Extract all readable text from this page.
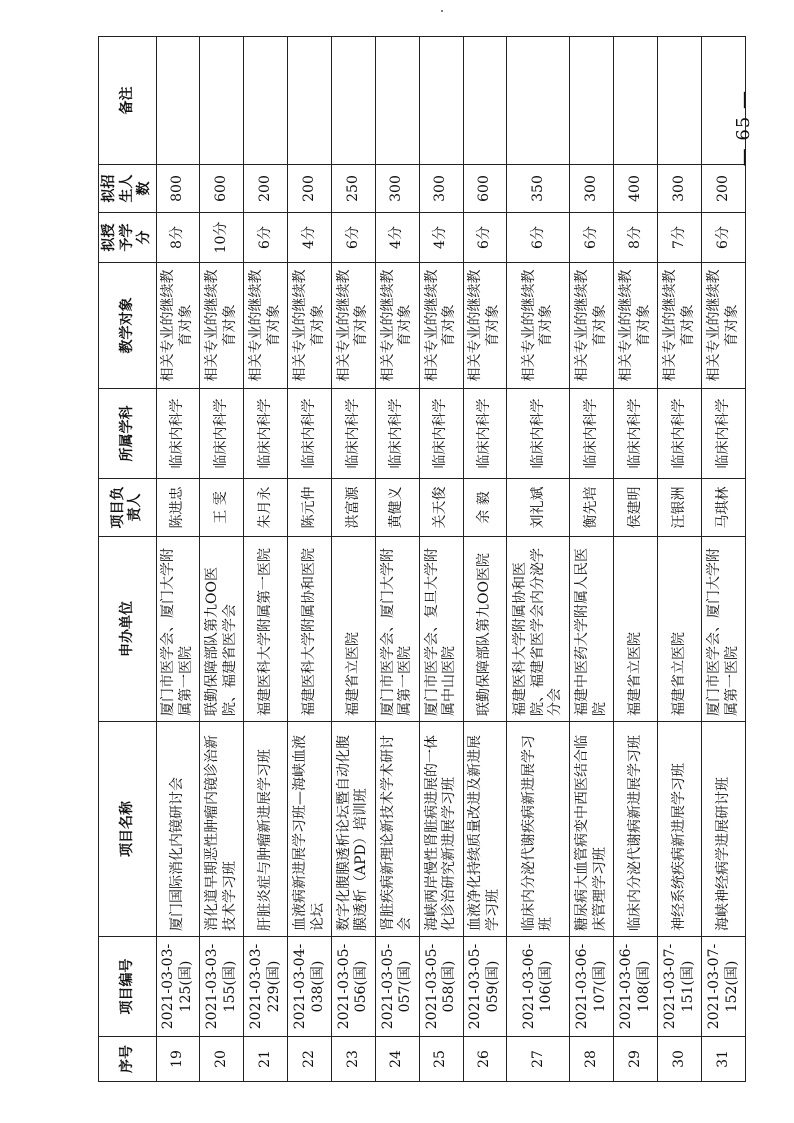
序号	项目编号	项目名称	申办单位	项目负责人	所属学科	教学对象	拟授予学分	拟招生人数	备注
19	2021-03-03-125(国)	厦门国际消化内镜研讨会	厦门市医学会、厦门大学附属第一医院	陈进忠	临床内科学	相关专业的继续教育对象	8分	800	
20	2021-03-03-155(国)	消化道早期恶性肿瘤内镜诊治新技术学习班	联勤保障部队第九OO医院、福建省医学会	王 雯	临床内科学	相关专业的继续教育对象	10分	600	
21	2021-03-03-229(国)	肝脏炎症与肿瘤新进展学习班	福建医科大学附属第一医院	朱月永	临床内科学	相关专业的继续教育对象	6分	200	
22	2021-03-04-038(国)	血液病新进展学习班—海峡血液论坛	福建医科大学附属协和医院	陈元仲	临床内科学	相关专业的继续教育对象	4分	200	
23	2021-03-05-056(国)	数字化腹膜透析论坛暨自动化腹膜透析（APD）培训班	福建省立医院	洪富源	临床内科学	相关专业的继续教育对象	6分	250	
24	2021-03-05-057(国)	肾脏疾病新理论新技术学术研讨会	厦门市医学会、厦门大学附属第一医院	黄健义	临床内科学	相关专业的继续教育对象	4分	300	
25	2021-03-05-058(国)	海峡两岸慢性肾脏病进展的一体化诊治研究新进展学习班	厦门市医学会、复旦大学附属中山医院	关天俊	临床内科学	相关专业的继续教育对象	4分	300	
26	2021-03-05-059(国)	血液净化持续质量改进及新进展学习班	联勤保障部队第九OO医院	余 毅	临床内科学	相关专业的继续教育对象	6分	600	
27	2021-03-06-106(国)	临床内分泌代谢疾病新进展学习班	福建医科大学附属协和医院、福建省医学会内分泌学分会	刘礼斌	临床内科学	相关专业的继续教育对象	6分	350	
28	2021-03-06-107(国)	糖尿病大血管病变中西医结合临床管理学习班	福建中医药大学附属人民医院	衡先培	临床内科学	相关专业的继续教育对象	6分	300	
29	2021-03-06-108(国)	临床内分泌代谢病新进展学习班	福建省立医院	侯建明	临床内科学	相关专业的继续教育对象	8分	400	
30	2021-03-07-151(国)	神经系统疾病新进展学习班	福建省立医院	汪银洲	临床内科学	相关专业的继续教育对象	7分	300	
31	2021-03-07-152(国)	海峡神经病学进展研讨班	厦门市医学会、厦门大学附属第一医院	马琪林	临床内科学	相关专业的继续教育对象	6分	200	
— 65 —
